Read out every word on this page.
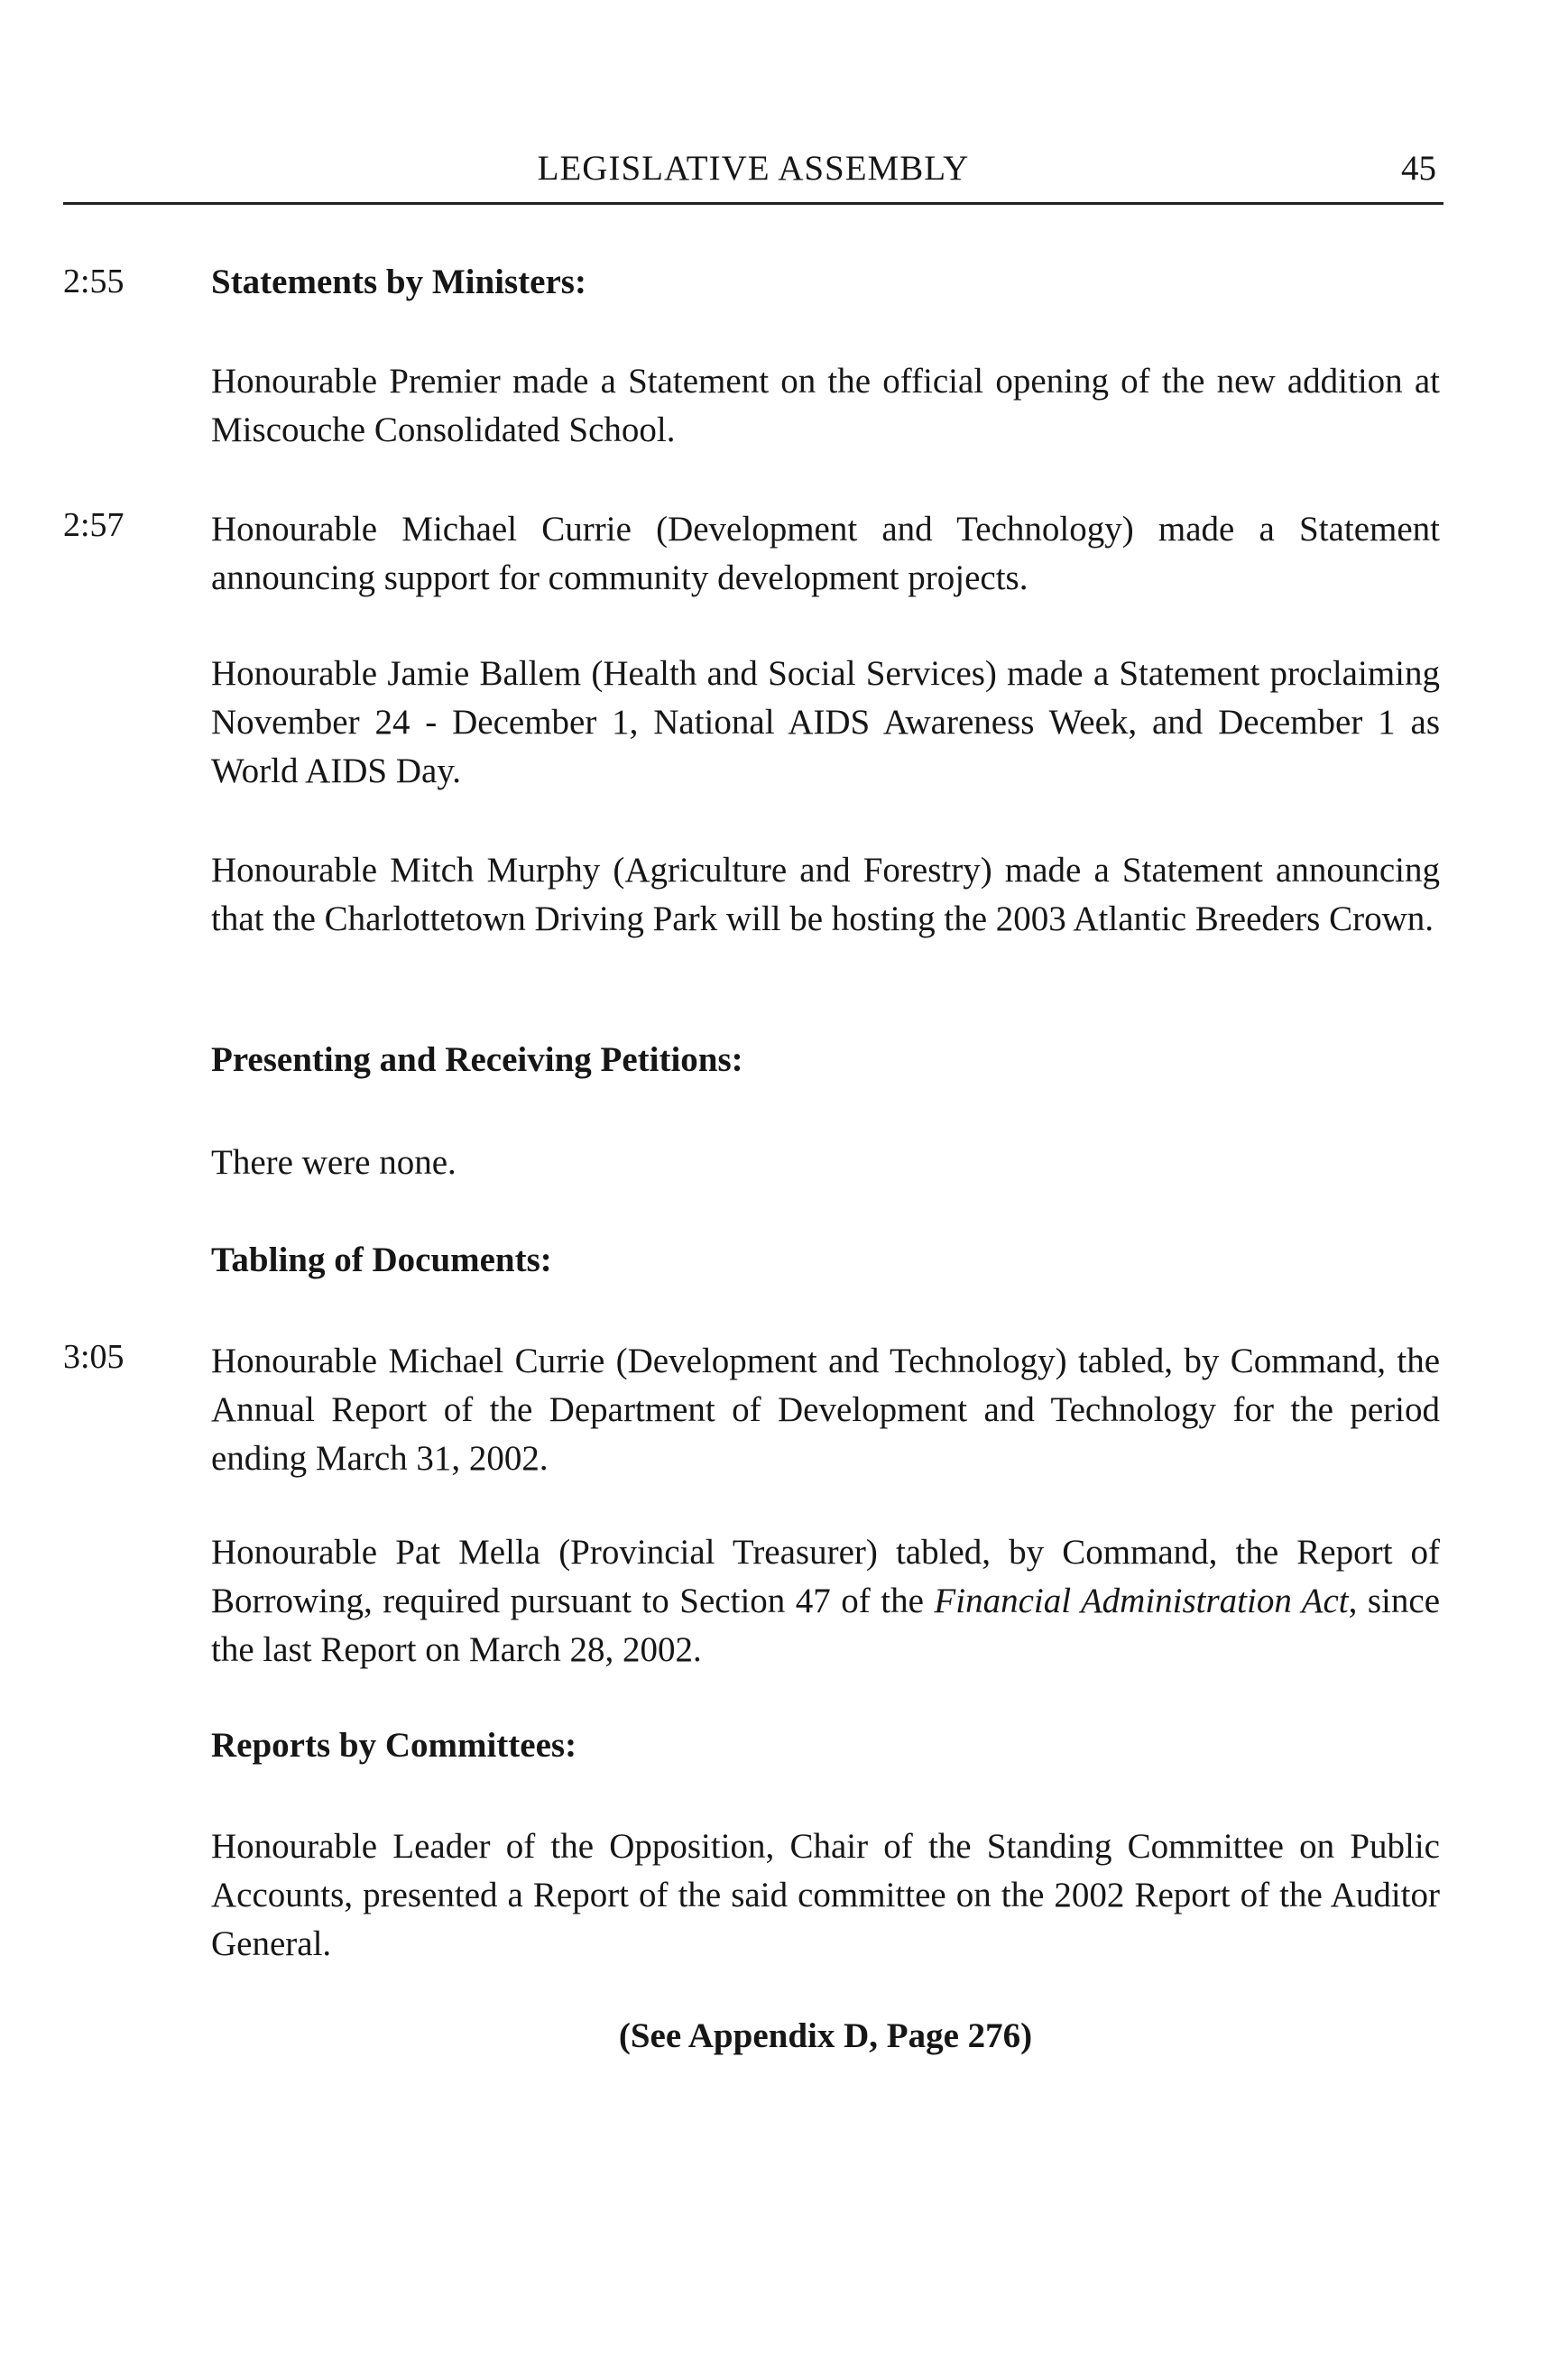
LEGISLATIVE ASSEMBLY	45
2:55 Statements by Ministers:
Honourable Premier made a Statement on the official opening of the new addition at Miscouche Consolidated School.
2:57 Honourable Michael Currie (Development and Technology) made a Statement announcing support for community development projects.
Honourable Jamie Ballem (Health and Social Services) made a Statement proclaiming November 24 - December 1, National AIDS Awareness Week, and December 1 as World AIDS Day.
Honourable Mitch Murphy (Agriculture and Forestry) made a Statement announcing that the Charlottetown Driving Park will be hosting the 2003 Atlantic Breeders Crown.
Presenting and Receiving Petitions:
There were none.
Tabling of Documents:
3:05 Honourable Michael Currie (Development and Technology) tabled, by Command, the Annual Report of the Department of Development and Technology for the period ending March 31, 2002.
Honourable Pat Mella (Provincial Treasurer) tabled, by Command, the Report of Borrowing, required pursuant to Section 47 of the Financial Administration Act, since the last Report on March 28, 2002.
Reports by Committees:
Honourable Leader of the Opposition, Chair of the Standing Committee on Public Accounts, presented a Report of the said committee on the 2002 Report of the Auditor General.
(See Appendix D, Page 276)
